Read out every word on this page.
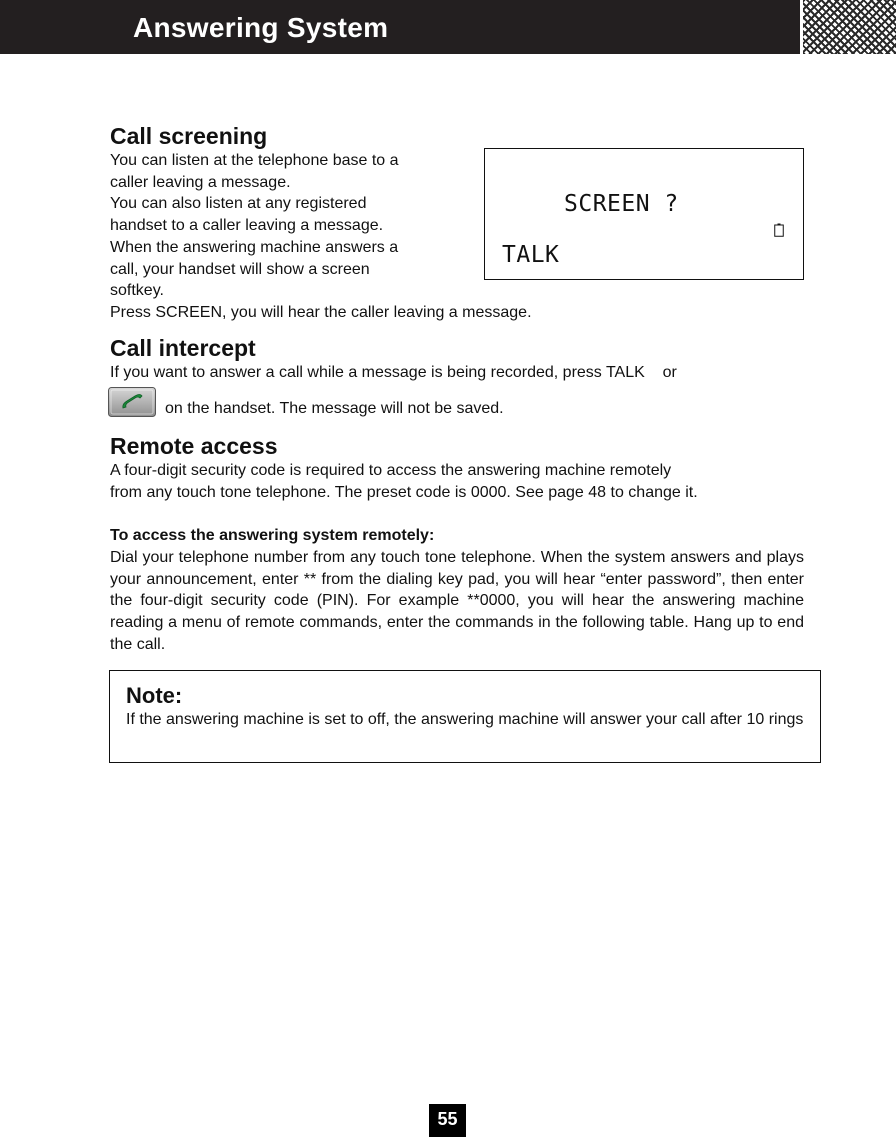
Answering System
Call screening

You can listen at the telephone base to a

caller leaving a message.

You can also listen at any registered

handset to a caller leaving a message.

When the answering machine answers a

call, your handset will show a screen

softkey.

Press SCREEN, you will hear the caller leaving a message.

SCREEN ?
TALK
Call intercept

If you want to answer a call while a message is being recorded, press TALK    or

on the handset. The message will not be saved.
Remote access

A four-digit security code is required to access the answering machine remotely

from any touch tone telephone. The preset code is 0000. See page 48 to change it.

To access the answering system remotely:

Dial your telephone number from any touch tone telephone. When the system answers and plays your announcement, enter ** from the dialing key pad, you will hear “enter password”, then enter the four-digit security code (PIN). For example **0000, you will hear the answering machine reading a menu of remote commands, enter the commands in the following table. Hang up to end the call.

Note:
If the answering machine is set to off, the answering machine will answer your call after 10 rings
55
